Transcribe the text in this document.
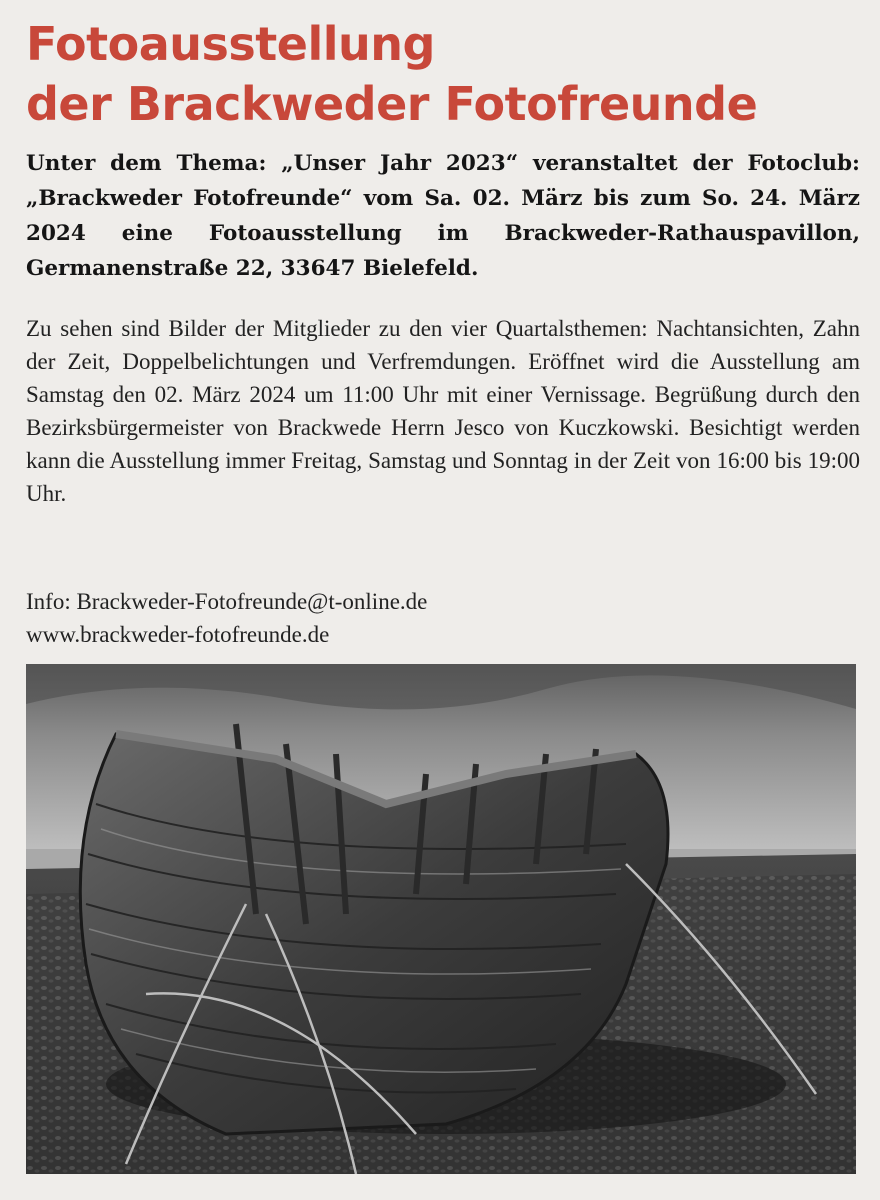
Fotoausstellung
der Brackweder Fotofreunde
Unter dem Thema: „Unser Jahr 2023“ veranstaltet der Fotoclub: „Brackweder Fotofreunde“ vom Sa. 02. März bis zum So. 24. März 2024 eine Fotoausstellung im Brackweder-Rathauspavillon, Germanenstraße 22, 33647 Bielefeld.
Zu sehen sind Bilder der Mitglieder zu den vier Quartalsthemen: Nachtansichten, Zahn der Zeit, Doppelbelichtungen und Verfremdungen. Eröffnet wird die Ausstellung am Samstag den 02. März 2024 um 11:00 Uhr mit einer Vernissage. Begrüßung durch den Bezirksbürgermeister von Brackwede Herrn Jesco von Kuczkowski. Besichtigt werden kann die Ausstellung immer Freitag, Samstag und Sonntag in der Zeit von 16:00 bis 19:00 Uhr.
Info: Brackweder-Fotofreunde@t-online.de
www.brackweder-fotofreunde.de
